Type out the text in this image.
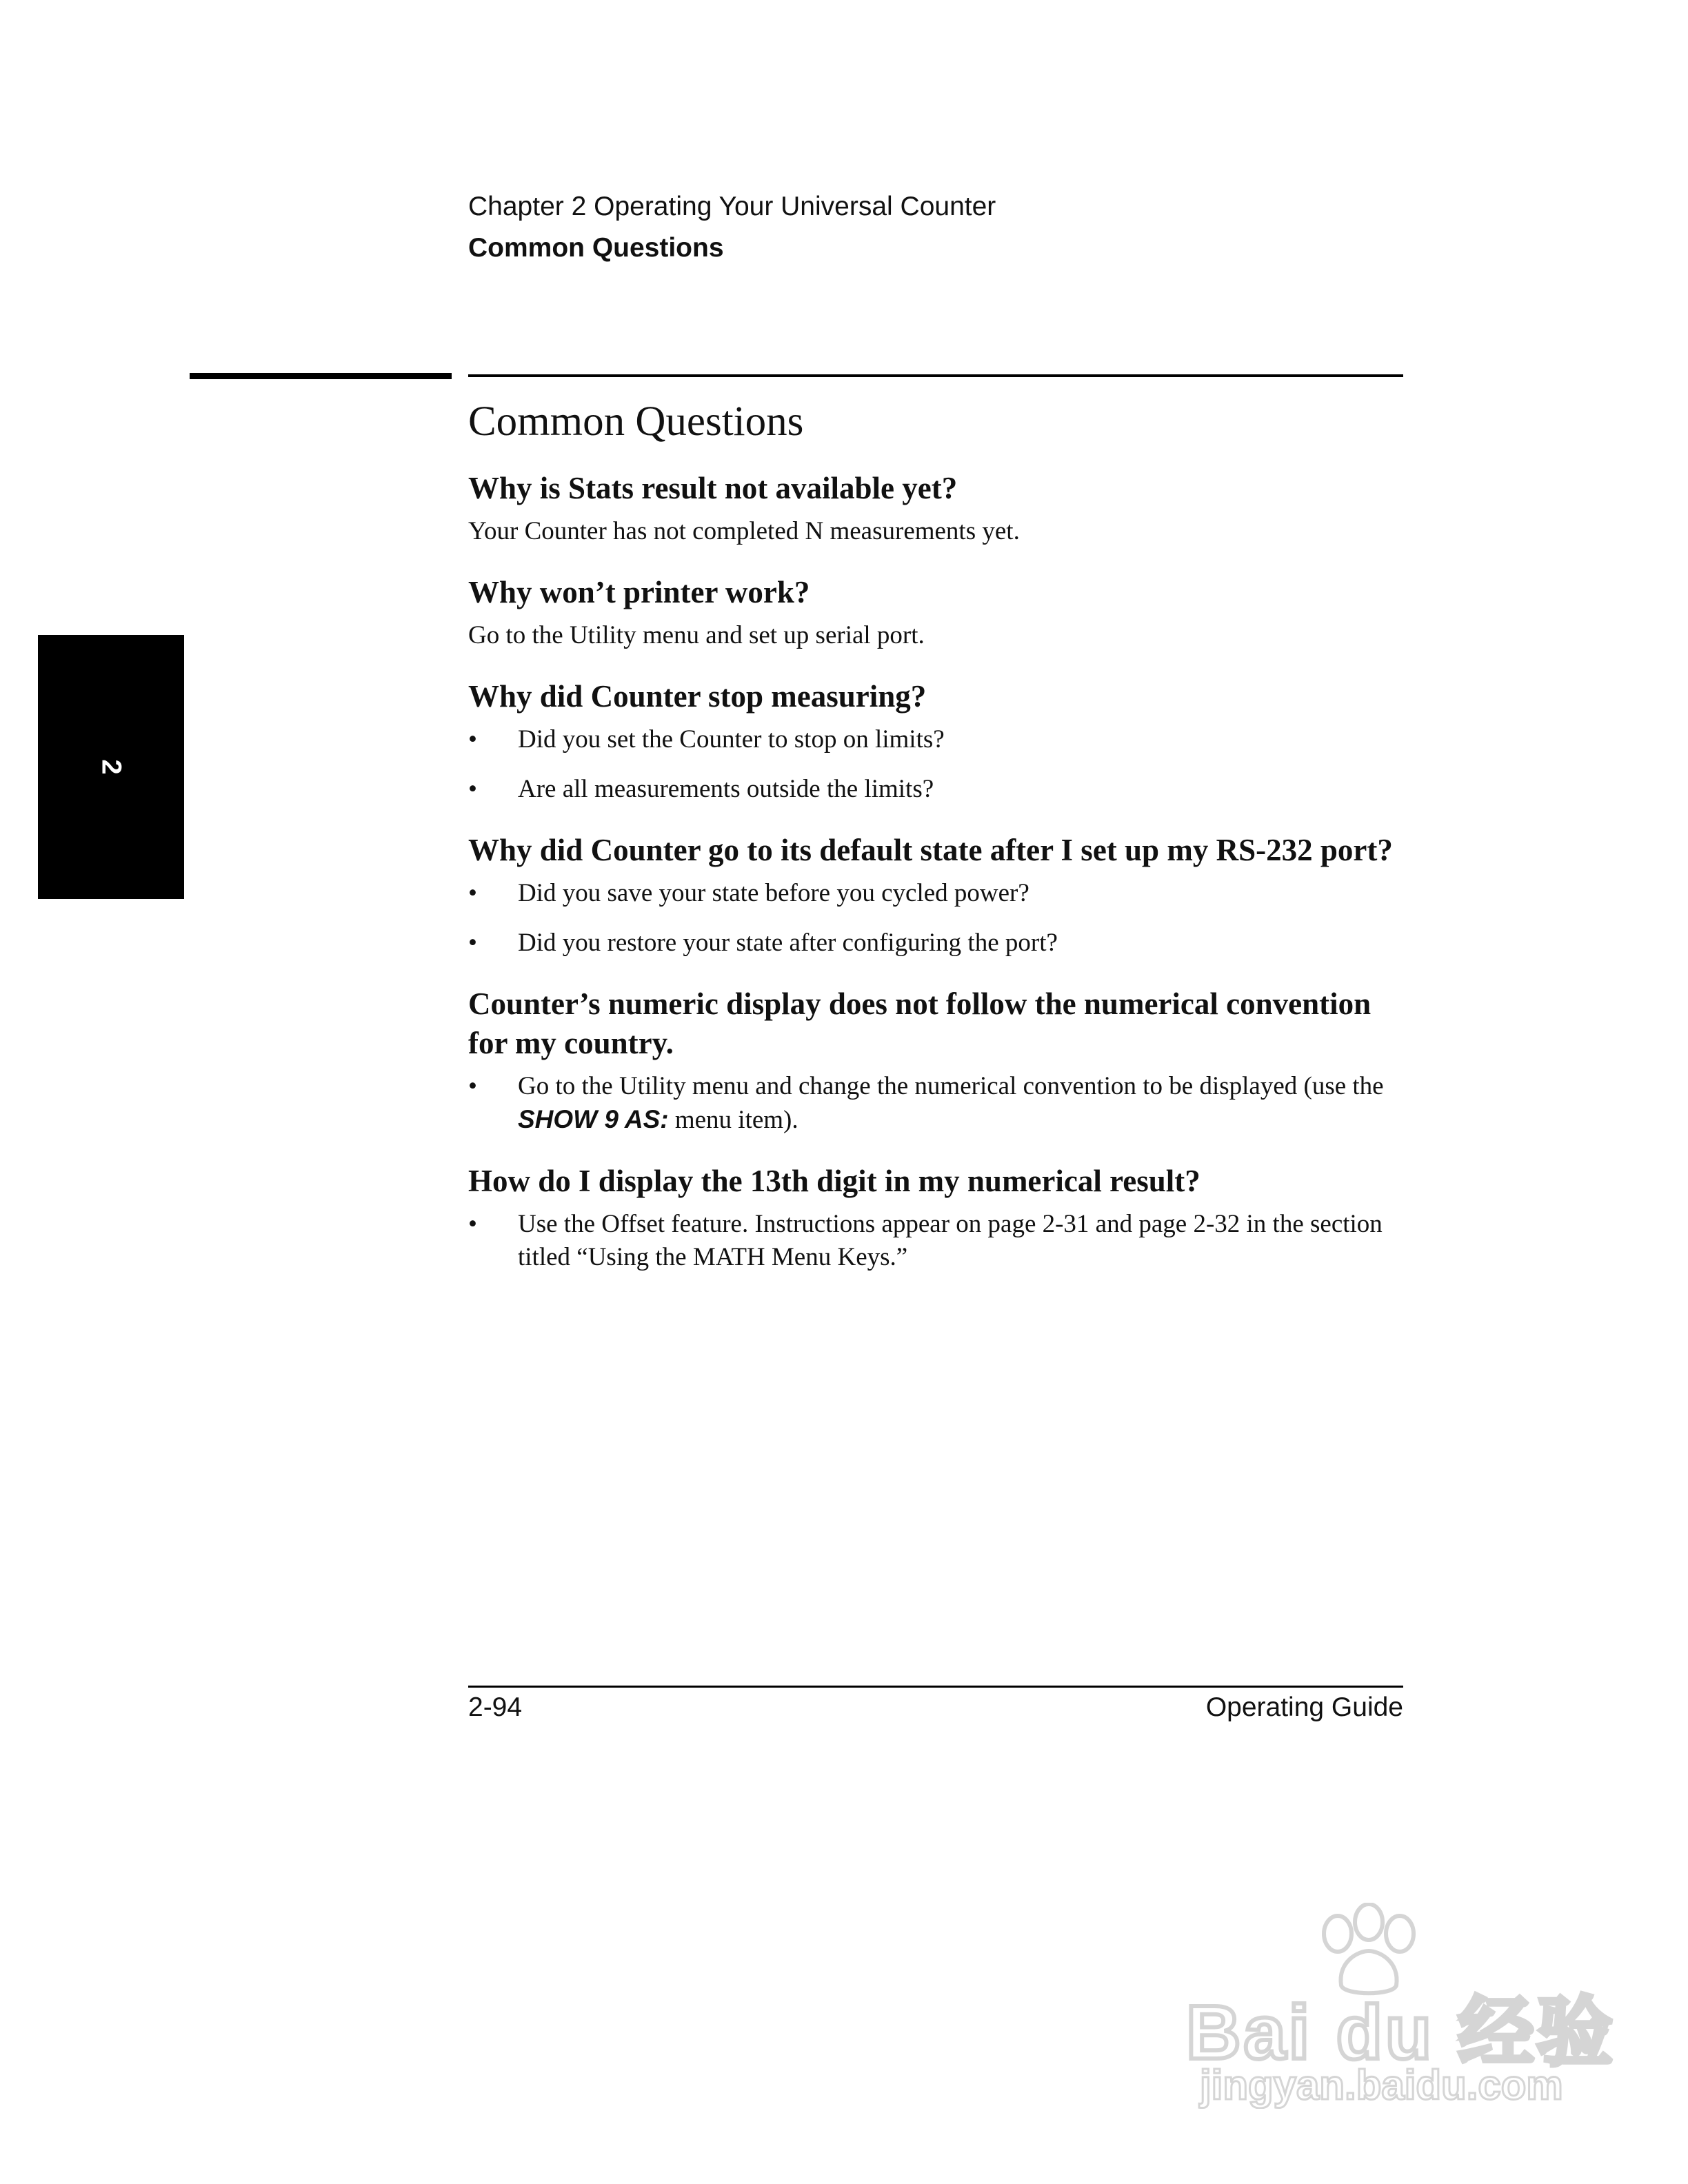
Chapter 2 Operating Your Universal Counter
Common Questions
2
Common Questions
Why is Stats result not available yet?

Your Counter has not completed N measurements yet.

Why won’t printer work?

Go to the Utility menu and set up serial port.

Why did Counter stop measuring?
• Did you set the Counter to stop on limits?
• Are all measurements outside the limits?
Why did Counter go to its default state after I set up my RS-232 port?
• Did you save your state before you cycled power?
• Did you restore your state after configuring the port?
Counter’s numeric display does not follow the numerical convention for my country.
• Go to the Utility menu and change the numerical convention to be displayed (use the SHOW 9 AS: menu item).
How do I display the 13th digit in my numerical result?
• Use the Offset feature. Instructions appear on page 2-31 and page 2-32 in the section titled “Using the MATH Menu Keys.”
2-94	Operating Guide
Bai du 经验
jingyan.baidu.com
